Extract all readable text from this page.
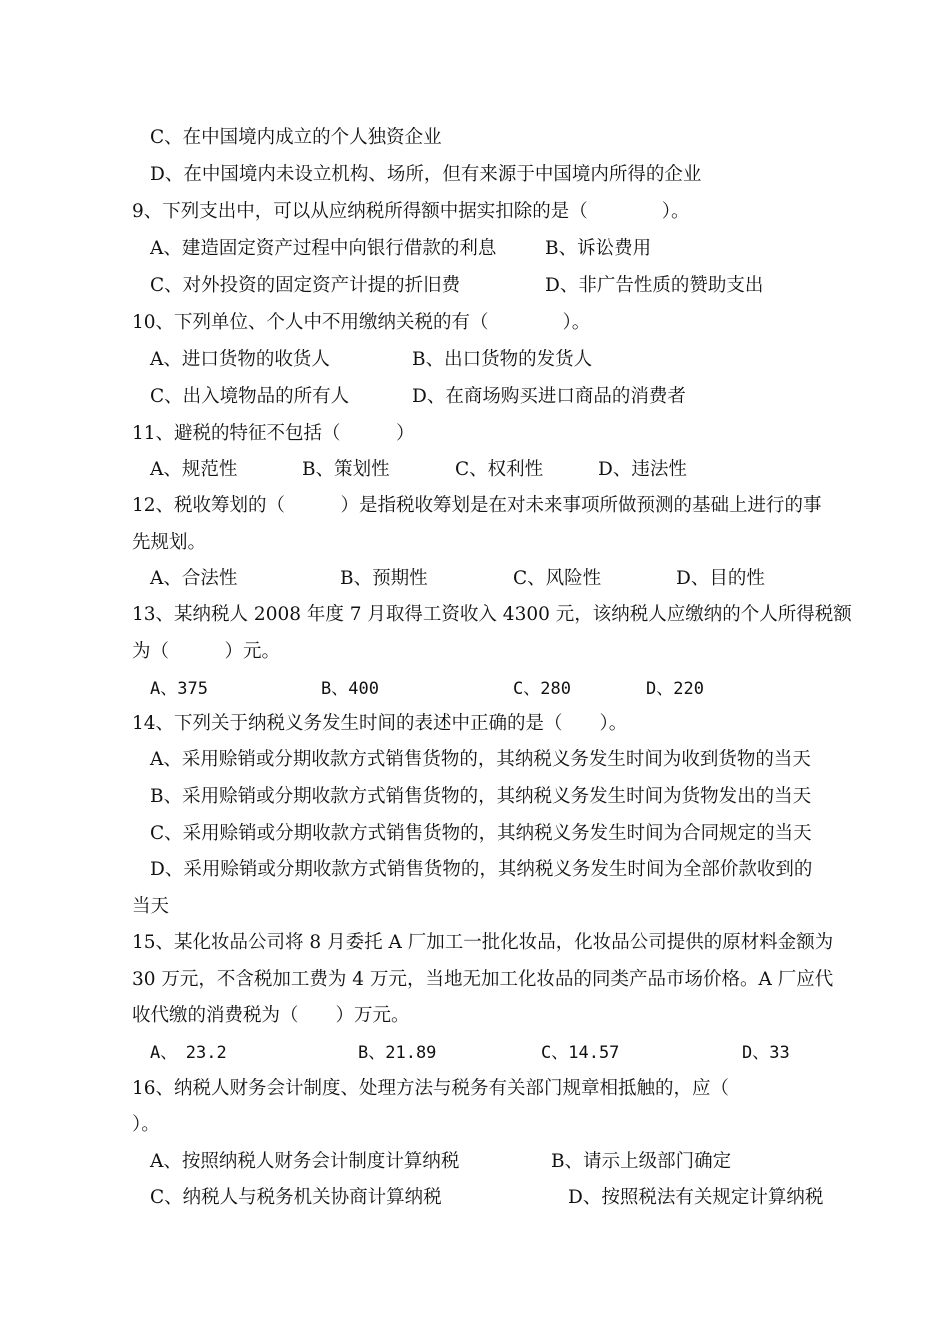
C、在中国境内成立的个人独资企业
D、在中国境内未设立机构、场所，但有来源于中国境内所得的企业
9、下列支出中，可以从应纳税所得额中据实扣除的是（　　　　）。
A、建造固定资产过程中向银行借款的利息	B、诉讼费用
C、对外投资的固定资产计提的折旧费	D、非广告性质的赞助支出
10、下列单位、个人中不用缴纳关税的有（　　　　）。
A、进口货物的收货人	B、出口货物的发货人
C、出入境物品的所有人	D、在商场购买进口商品的消费者
11、避税的特征不包括（　　　）
A、规范性	B、策划性	C、权利性	D、违法性
12、税收筹划的（　　　）是指税收筹划是在对未来事项所做预测的基础上进行的事
先规划。
A、合法性	B、预期性	C、风险性	D、目的性
13、某纳税人 2008 年度 7 月取得工资收入 4300 元，该纳税人应缴纳的个人所得税额
为（　　　）元。
A、375	B、400	C、280	D、220
14、下列关于纳税义务发生时间的表述中正确的是（　　）。
A、采用赊销或分期收款方式销售货物的，其纳税义务发生时间为收到货物的当天
B、采用赊销或分期收款方式销售货物的，其纳税义务发生时间为货物发出的当天
C、采用赊销或分期收款方式销售货物的，其纳税义务发生时间为合同规定的当天
D、采用赊销或分期收款方式销售货物的，其纳税义务发生时间为全部价款收到的
当天
15、某化妆品公司将 8 月委托 A 厂加工一批化妆品，化妆品公司提供的原材料金额为
30 万元，不含税加工费为 4 万元，当地无加工化妆品的同类产品市场价格。A 厂应代
收代缴的消费税为（　　）万元。
A、　23.2	B、21.89	C、14.57	D、33
16、纳税人财务会计制度、处理方法与税务有关部门规章相抵触的，应（
）。
A、按照纳税人财务会计制度计算纳税	B、请示上级部门确定
C、纳税人与税务机关协商计算纳税	D、按照税法有关规定计算纳税
